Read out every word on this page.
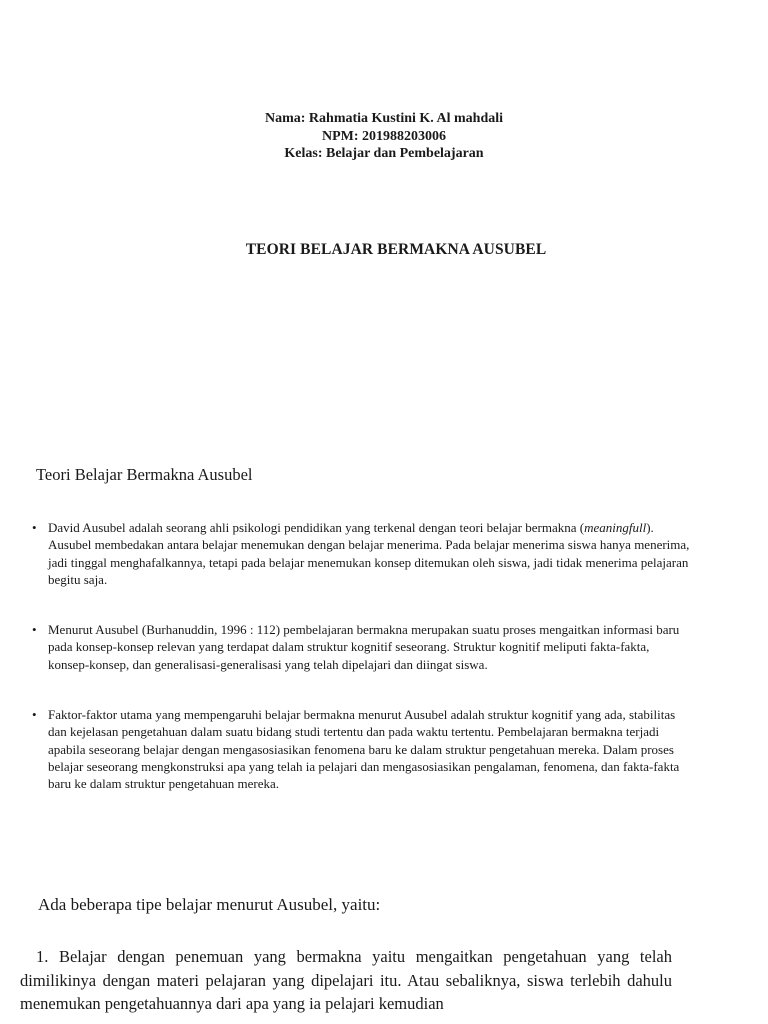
Nama: Rahmatia Kustini K. Al mahdali
NPM: 201988203006
Kelas: Belajar dan Pembelajaran
TEORI BELAJAR BERMAKNA AUSUBEL
Teori Belajar Bermakna Ausubel
• David Ausubel adalah seorang ahli psikologi pendidikan yang terkenal dengan teori belajar bermakna (meaningfull). Ausubel membedakan antara belajar menemukan dengan belajar menerima. Pada belajar menerima siswa hanya menerima, jadi tinggal menghafalkannya, tetapi pada belajar menemukan konsep ditemukan oleh siswa, jadi tidak menerima pelajaran begitu saja.
• Menurut Ausubel (Burhanuddin, 1996 : 112) pembelajaran bermakna merupakan suatu proses mengaitkan informasi baru pada konsep-konsep relevan yang terdapat dalam struktur kognitif seseorang. Struktur kognitif meliputi fakta-fakta, konsep-konsep, dan generalisasi-generalisasi yang telah dipelajari dan diingat siswa.
• Faktor-faktor utama yang mempengaruhi belajar bermakna menurut Ausubel adalah struktur kognitif yang ada, stabilitas dan kejelasan pengetahuan dalam suatu bidang studi tertentu dan pada waktu tertentu. Pembelajaran bermakna terjadi apabila seseorang belajar dengan mengasosiasikan fenomena baru ke dalam struktur pengetahuan mereka. Dalam proses belajar seseorang mengkonstruksi apa yang telah ia pelajari dan mengasosiasikan pengalaman, fenomena, dan fakta-fakta baru ke dalam struktur pengetahuan mereka.
Ada beberapa tipe belajar menurut Ausubel, yaitu:

1. Belajar dengan penemuan yang bermakna yaitu mengaitkan pengetahuan yang telah dimilikinya dengan materi pelajaran yang dipelajari itu. Atau sebaliknya, siswa terlebih dahulu menemukan pengetahuannya dari apa yang ia pelajari kemudian
